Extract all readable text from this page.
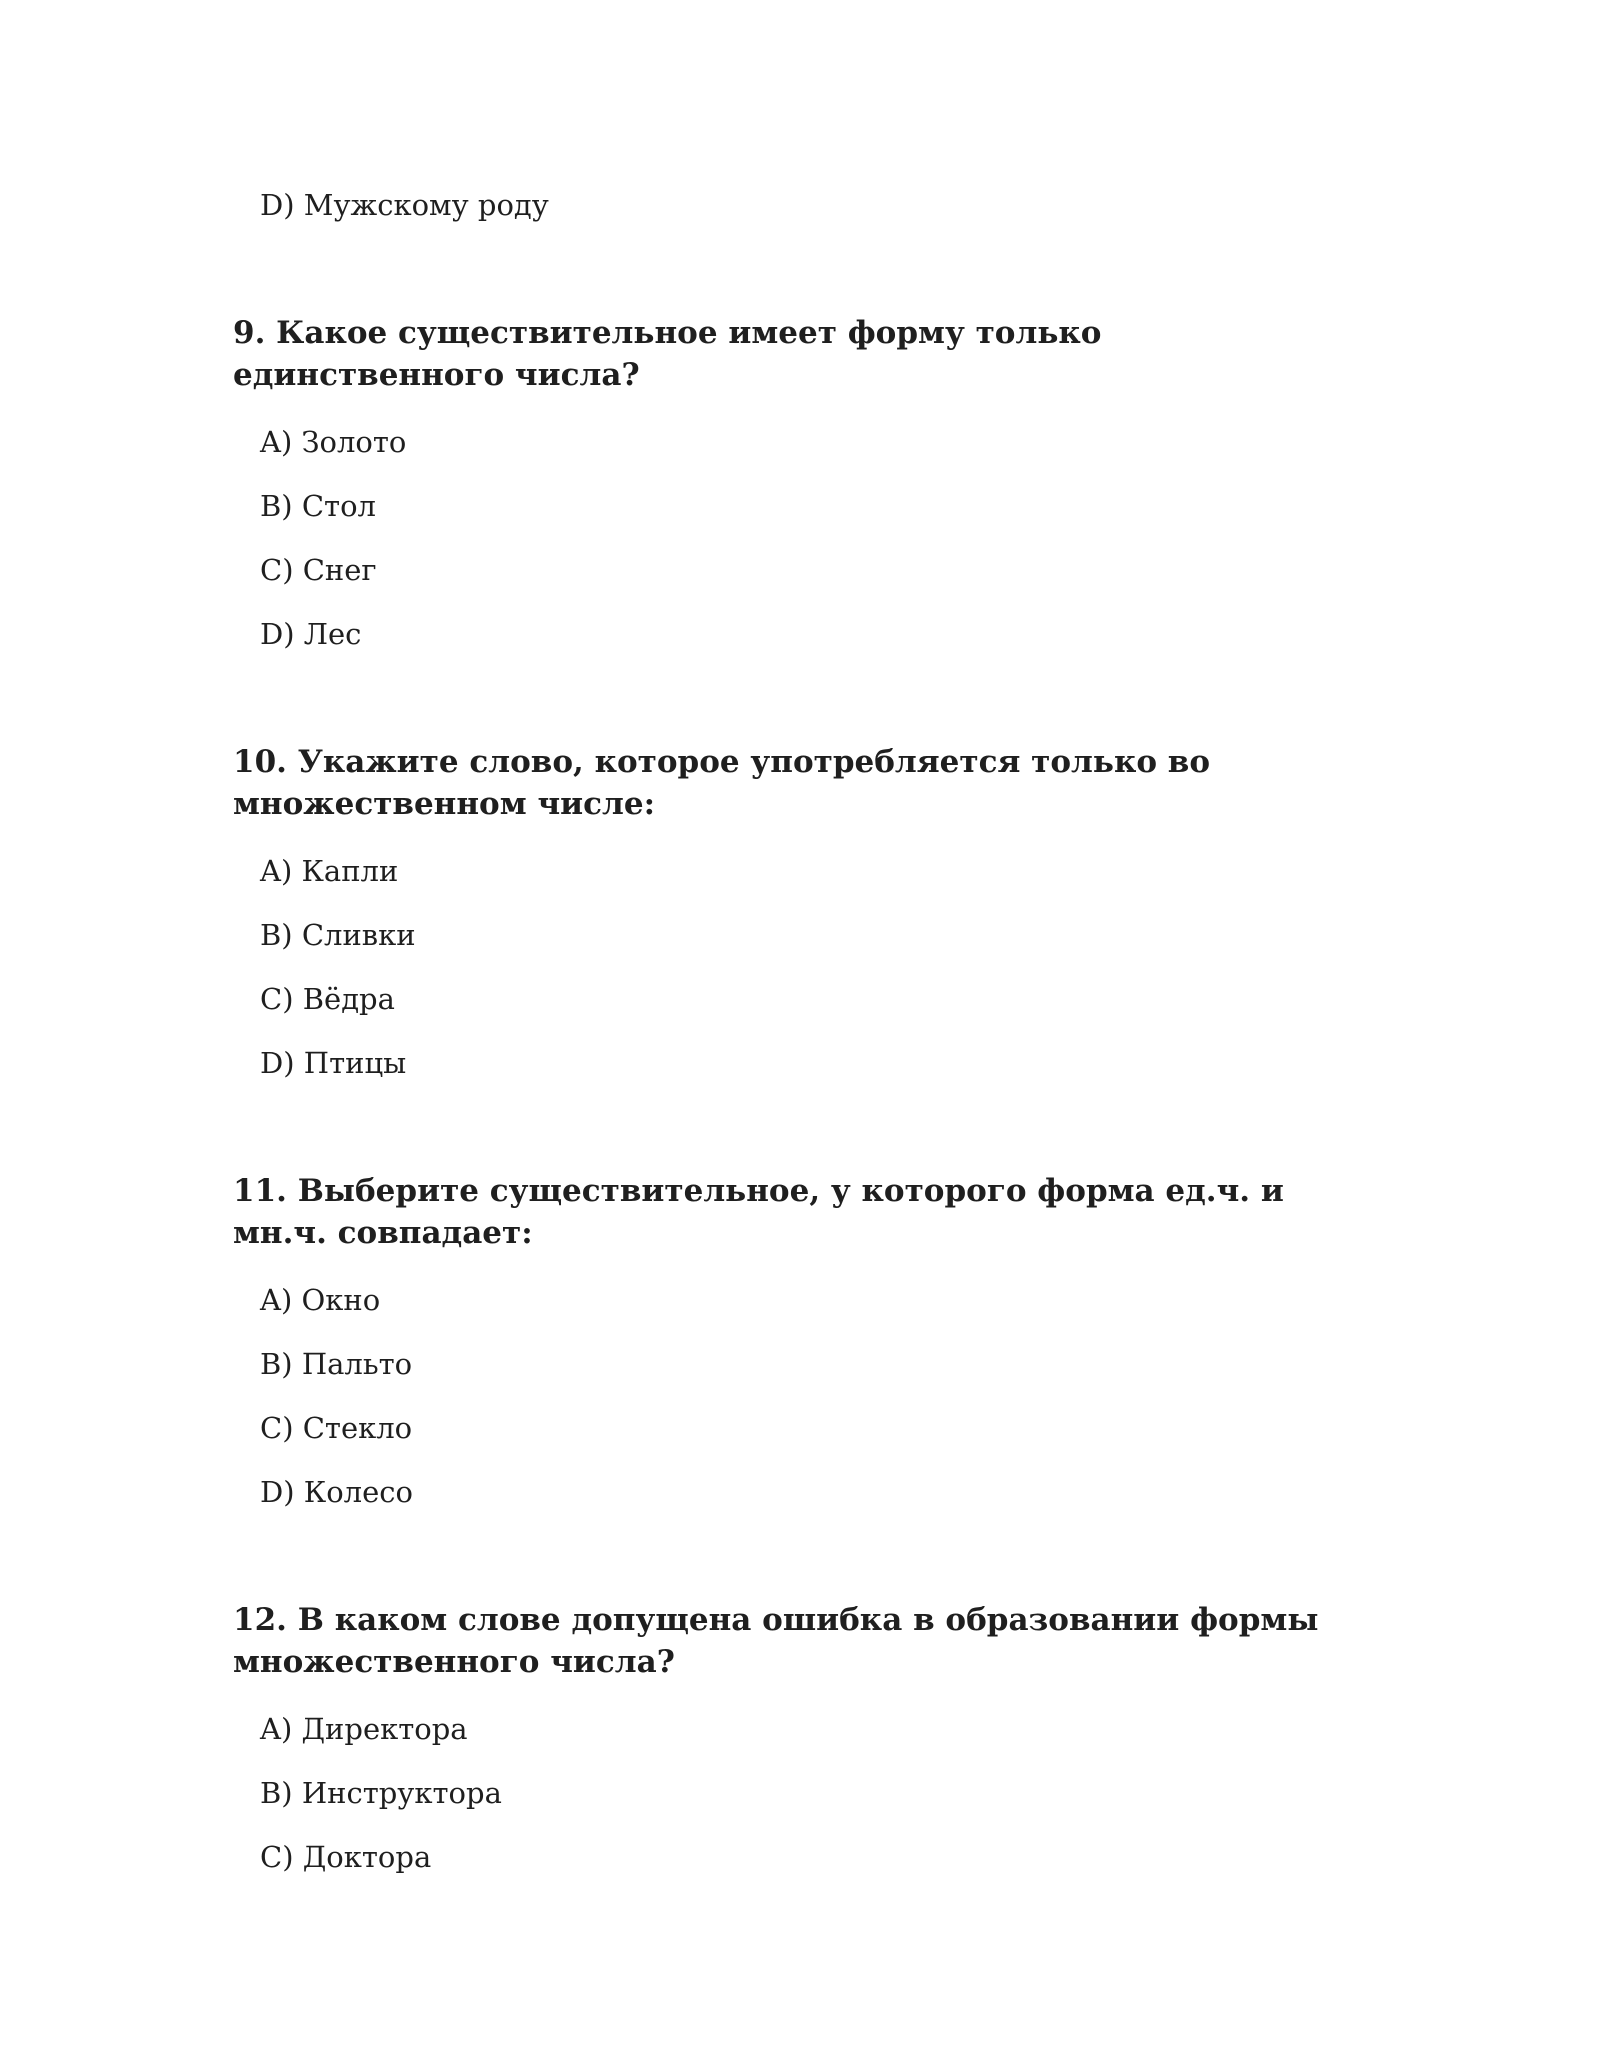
D) Мужскому роду
9. Какое существительное имеет форму только единственного числа?
A) Золото
B) Стол
C) Снег
D) Лес
10. Укажите слово, которое употребляется только во множественном числе:
A) Капли
B) Сливки
C) Вёдра
D) Птицы
11. Выберите существительное, у которого форма ед.ч. и мн.ч. совпадает:
A) Окно
B) Пальто
C) Стекло
D) Колесо
12. В каком слове допущена ошибка в образовании формы множественного числа?
A) Директора
B) Инструктора
C) Доктора
